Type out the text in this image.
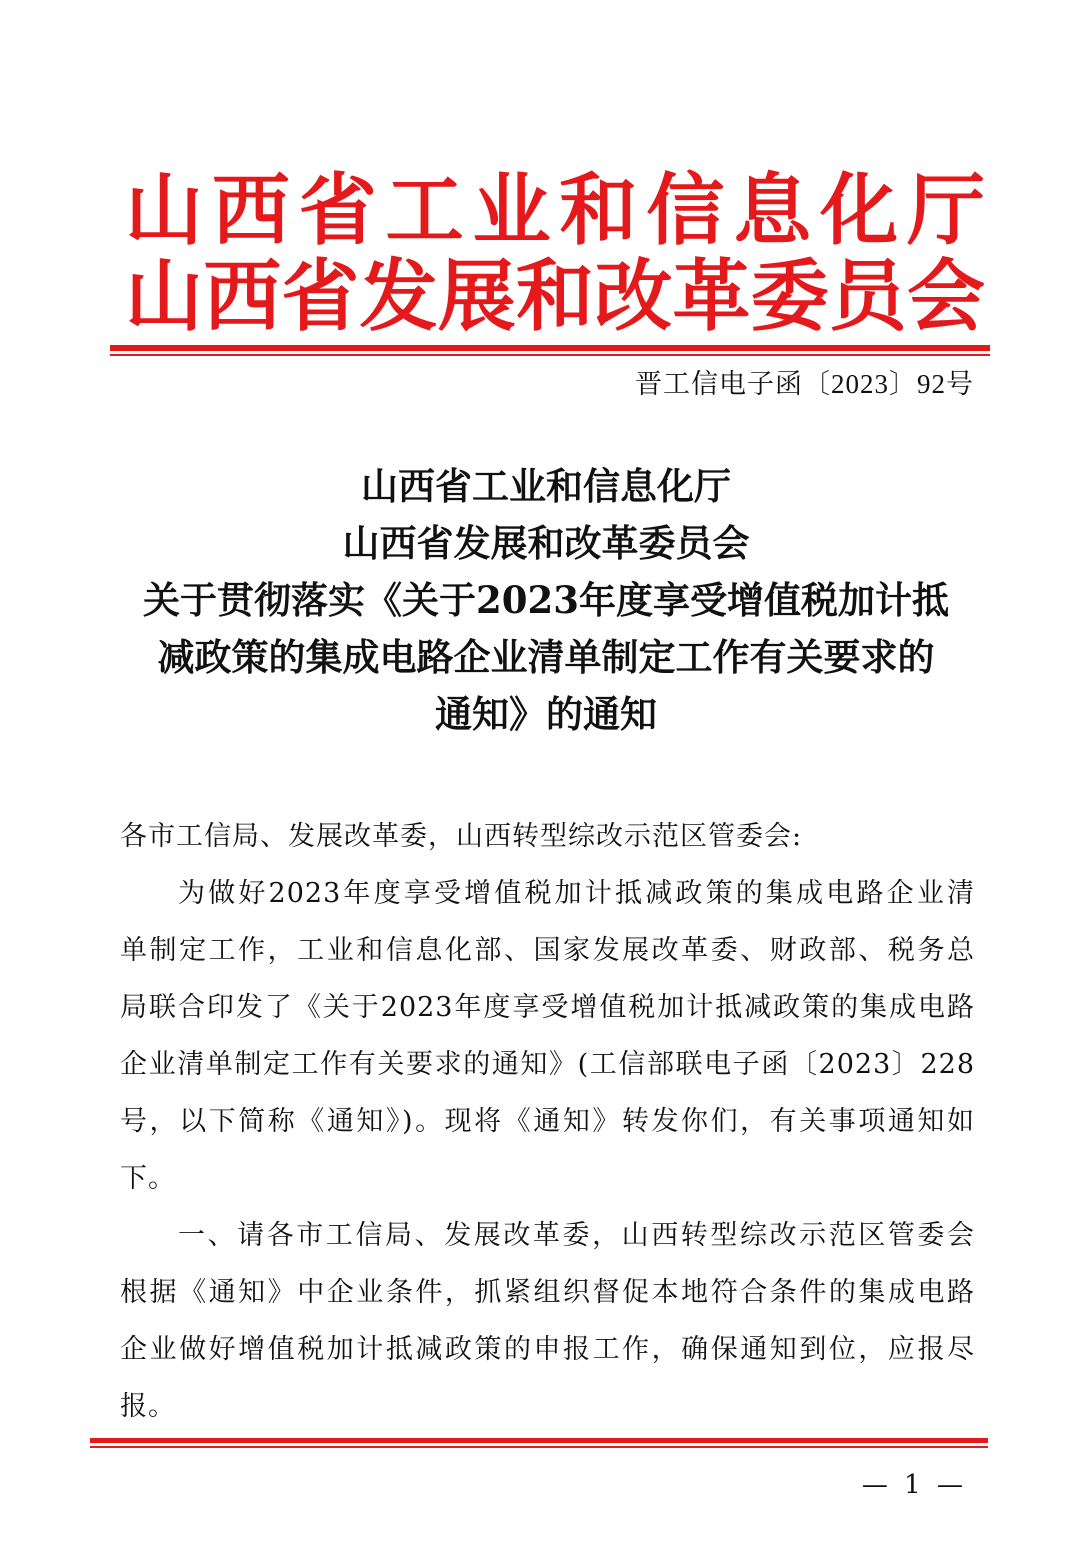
山西省工业和信息化厅
山西省发展和改革委员会
晋工信电子函〔2023〕92号
山西省工业和信息化厅
山西省发展和改革委员会
关于贯彻落实《关于2023年度享受增值税加计抵
减政策的集成电路企业清单制定工作有关要求的
通知》的通知
各市工信局、发展改革委，山西转型综改示范区管委会:
为做好2023年度享受增值税加计抵减政策的集成电路企业清
单制定工作，工业和信息化部、国家发展改革委、财政部、税务总
局联合印发了《关于2023年度享受增值税加计抵减政策的集成电路
企业清单制定工作有关要求的通知》(工信部联电子函〔2023〕228
号，以下简称《通知》)。现将《通知》转发你们，有关事项通知如
下。
一、请各市工信局、发展改革委，山西转型综改示范区管委会
根据《通知》中企业条件，抓紧组织督促本地符合条件的集成电路
企业做好增值税加计抵减政策的申报工作，确保通知到位，应报尽
报。
— 1 —
